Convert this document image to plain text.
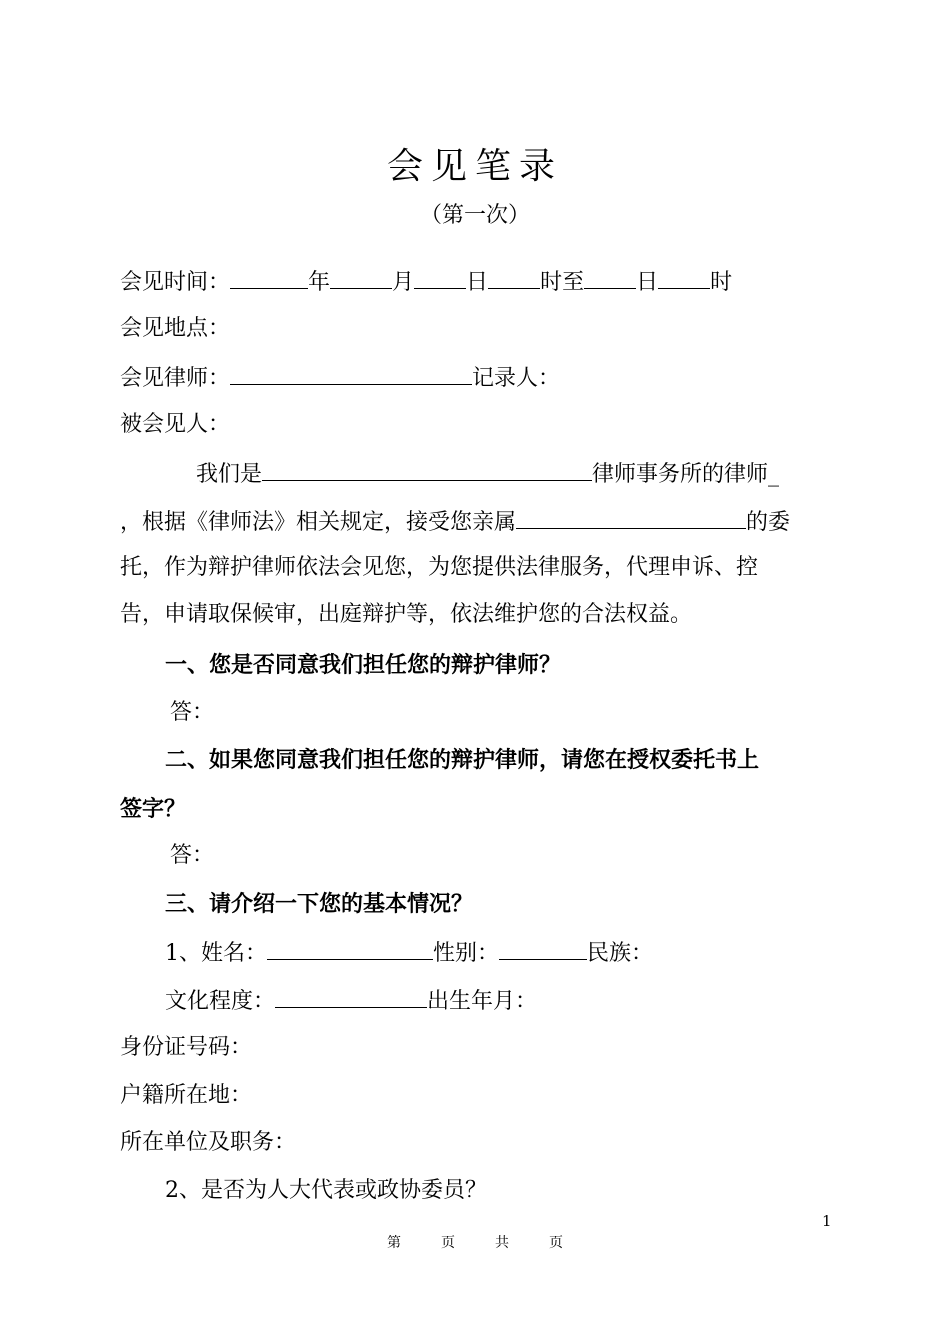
会见笔录
（第一次）
会见时间：	年	月 日 时至 日 时
会见地点：
会见律师：	记录人：
被会见人：
我们是	律师事务所的律师_
，根据《律师法》相关规定，接受您亲属	的委
托，作为辩护律师依法会见您，为您提供法律服务，代理申诉、控
告，申请取保候审，出庭辩护等，依法维护您的合法权益。
一、您是否同意我们担任您的辩护律师？
答：
二、如果您同意我们担任您的辩护律师，请您在授权委托书上
签字？
答：
三、请介绍一下您的基本情况？
1、姓名：	性别：	民族：
文化程度：	出生年月：
身份证号码：
户籍所在地：
所在单位及职务：
2、是否为人大代表或政协委员？
1
第	页	共	页
